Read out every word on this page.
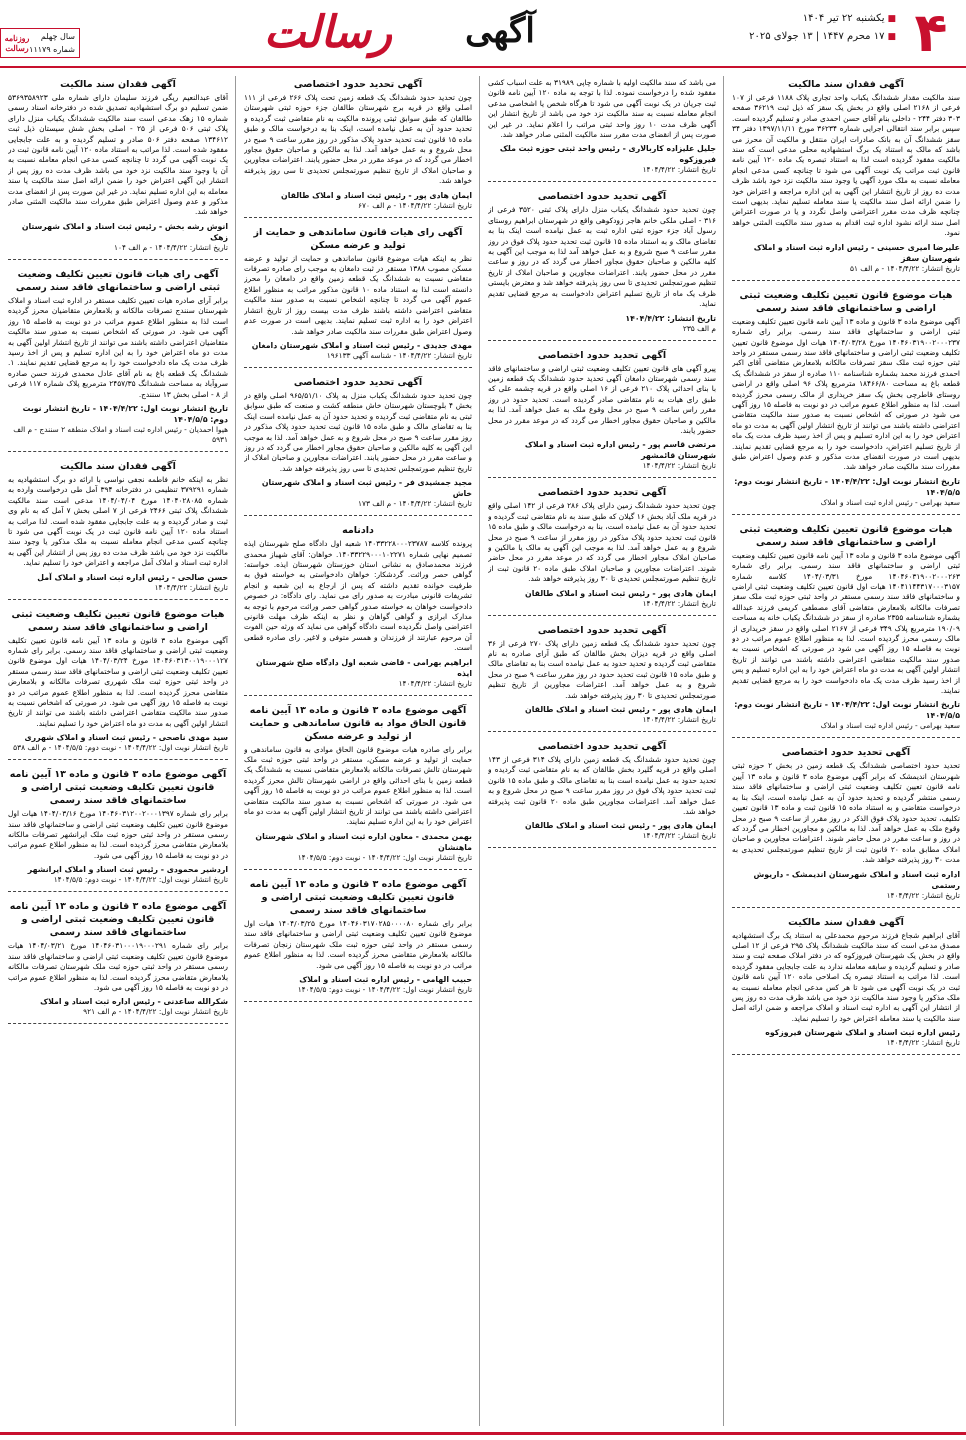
۴
■یکشنبه ۲۲ تیر ۱۴۰۴
■۱۷ محرم ۱۴۴۷ | ۱۳ جولای ۲۰۲۵
آگهی
رسالت
سال چهلم
شماره ۱۱۱۷۹
روزنامه رسالت
آگهی فقدان سند مالکیت
سند مالکیت مقدار ششدانگ یکباب واحد تجاری پلاک ۱۱۸۸ فرعی از ۱۰۷ فرعی از ۲۱۶۸ اصلی واقع در بخش یک سقز که ذیل ثبت ۳۶۲۱۹ صفحه ۳۰۳ دفتر ۲۴۴ ‑ داخلی بنام آقای حسن احمدی صادر و تسلیم گردیده است. سپس برابر سند انتقالی اجرایی شماره ۳۶۲۳۴ مورخ ۱۳۹۷/۱۱/۱۱ دفتر ۳۴ سقز ششدانگ آن به بانک صادرات ایران منتقل و مالکیت آن محرز می باشد که مالک به استناد یک برگ استشهادیه محلی مدعی است که سند مالکیت مفقود گردیده است لذا به استناد تبصره یک ماده ۱۲۰ آیین نامه قانون ثبت مراتب یک نوبت آگهی می شود تا چنانچه کسی مدعی انجام معامله نسبت به ملک مورد آگهی یا وجود سند مالکیت نزد خود باشد ظرف مدت ده روز از تاریخ انتشار این آگهی به این اداره مراجعه و اعتراض خود را ضمن ارائه اصل سند مالکیت یا سند معامله تسلیم نماید. بدیهی است چنانچه ظرف مدت مقرر اعتراضی واصل نگردد و یا در صورت اعتراض اصل سند ارائه نشود اداره ثبت اقدام به صدور سند مالکیت المثنی خواهد نمود.
علیرضا امیری حسینی - رئیس اداره ثبت اسناد و املاک شهرستان سقز
تاریخ انتشار: ۱۴۰۴/۴/۲۲ - م الف ۵۱
هیات موضوع قانون تعیین تکلیف وضعیت ثبتی اراضی و ساختمانهای فاقد سند رسمی
آگهی موضوع ماده ۳ قانون و ماده ۱۳ آیین نامه قانون تعیین تکلیف وضعیت ثبتی اراضی و ساختمانهای فاقد سند رسمی. برابر رای شماره ۱۴۰۴۶۰۳۱۹۰۰۲۰۰۰۲۳۷ مورخ ۱۴۰۴/۰۳/۲۸ هیات اول موضوع قانون تعیین تکلیف وضعیت ثبتی اراضی و ساختمانهای فاقد سند رسمی مستقر در واحد ثبتی حوزه ثبت ملک سقز تصرفات مالکانه بلامعارض متقاضی آقای اکبر احمدی فرزند محمد بشماره شناسنامه ۱۱۰ صادره از سقز در ششدانگ یک قطعه باغ به مساحت ۱۸۴۶۶/۸۰ مترمربع پلاک ۹۶ اصلی واقع در اراضی روستای قاطرچی بخش یک سقز خریداری از مالک رسمی محرز گردیده است. لذا به منظور اطلاع عموم مراتب در دو نوبت به فاصله ۱۵ روز آگهی می شود در صورتی که اشخاص نسبت به صدور سند مالکیت متقاضی اعتراضی داشته باشند می توانند از تاریخ انتشار اولین آگهی به مدت دو ماه اعتراض خود را به این اداره تسلیم و پس از اخذ رسید ظرف مدت یک ماه از تاریخ تسلیم اعتراض، دادخواست خود را به مرجع قضایی تقدیم نمایند. بدیهی است در صورت انقضای مدت مذکور و عدم وصول اعتراض طبق مقررات سند مالکیت صادر خواهد شد.
تاریخ انتشار نوبت اول: ۱۴۰۴/۴/۲۲ - تاریخ انتشار نوبت دوم: ۱۴۰۴/۵/۵
سعید بهرامی - رئیس اداره ثبت اسناد و املاک
هیات موضوع قانون تعیین تکلیف وضعیت ثبتی اراضی و ساختمانهای فاقد سند رسمی
آگهی موضوع ماده ۳ قانون و ماده ۱۳ آیین نامه قانون تعیین تکلیف وضعیت ثبتی اراضی و ساختمانهای فاقد سند رسمی. برابر رای شماره ۱۴۰۴۶۰۳۱۹۰۰۲۰۰۰۲۶۳ مورخ ۱۴۰۴/۰۳/۳۱ کلاسه شماره ۱۴۰۴۱۱۴۴۳۱۷۰۰۰۳۱۵۷ هیات اول قانون تعیین تکلیف وضعیت ثبتی اراضی و ساختمانهای فاقد سند رسمی مستقر در واحد ثبتی حوزه ثبت ملک سقز تصرفات مالکانه بلامعارض متقاضی آقای مصطفی کریمی فرزند عبدالله بشماره شناسنامه ۲۳۵۵ صادره از سقز در ششدانگ یکباب خانه به مساحت ۱۹۰/۰۹ مترمربع پلاک ۳۴۹ فرعی از ۲۱۶۷ اصلی واقع در سقز خریداری از مالک رسمی محرز گردیده است. لذا به منظور اطلاع عموم مراتب در دو نوبت به فاصله ۱۵ روز آگهی می شود در صورتی که اشخاص نسبت به صدور سند مالکیت متقاضی اعتراضی داشته باشند می توانند از تاریخ انتشار اولین آگهی به مدت دو ماه اعتراض خود را به این اداره تسلیم و پس از اخذ رسید ظرف مدت یک ماه دادخواست خود را به مرجع قضایی تقدیم نمایند.
تاریخ انتشار نوبت اول: ۱۴۰۴/۴/۲۲ - تاریخ انتشار نوبت دوم: ۱۴۰۴/۵/۵
سعید بهرامی - رئیس اداره ثبت اسناد و املاک
آگهی تحدید حدود اختصاصی
تحدید حدود اختصاصی ششدانگ یک قطعه زمین در بخش ۲ حوزه ثبتی شهرستان اندیمشک که برابر آگهی موضوع ماده ۳ قانون و ماده ۱۳ آیین نامه قانون تعیین تکلیف وضعیت ثبتی اراضی و ساختمانهای فاقد سند رسمی منتشر گردیده و تحدید حدود آن به عمل نیامده است، اینک بنا به درخواست متقاضی و به استناد ماده ۱۵ قانون ثبت و ماده ۱۳ قانون تعیین تکلیف، تحدید حدود پلاک فوق الذکر در روز مقرر از ساعت ۹ صبح در محل وقوع ملک به عمل خواهد آمد. لذا به مالکین و مجاورین اخطار می گردد که در روز و ساعت مقرر در محل حاضر شوند. اعتراضات مجاورین و صاحبان املاک مطابق ماده ۲۰ قانون ثبت از تاریخ تنظیم صورتمجلس تحدیدی به مدت ۳۰ روز پذیرفته خواهد شد.
اداره ثبت اسناد و املاک شهرستان اندیمشک - داریوش رستمی
تاریخ انتشار: ۱۴۰۴/۴/۲۲
آگهی فقدان سند مالکیت
آقای ابراهیم شجاع فرزند مرحوم محمدعلی به استناد یک برگ استشهادیه مصدق مدعی است که سند مالکیت ششدانگ پلاک ۲۹۵ فرعی از ۱۲ اصلی واقع در بخش یک شهرستان فیروزکوه که در دفتر املاک صفحه ثبت و سند صادر و تسلیم گردیده و سابقه معامله ندارد به علت جابجایی مفقود گردیده است. لذا مراتب به استناد تبصره یک اصلاحی ماده ۱۲۰ آیین نامه قانون ثبت در یک نوبت آگهی می شود تا هر کس مدعی انجام معامله نسبت به ملک مذکور یا وجود سند مالکیت نزد خود می باشد ظرف مدت ده روز پس از انتشار این آگهی به اداره ثبت اسناد و املاک مراجعه و ضمن ارائه اصل سند مالکیت یا سند معامله اعتراض خود را تسلیم نماید.
رئیس اداره ثبت اسناد و املاک شهرستان فیروزکوه
تاریخ انتشار: ۱۴۰۴/۴/۲۲
می باشد که سند مالکیت اولیه با شماره چاپی ۳۱۹۸۹ به علت اسباب کشی مفقود شده را درخواست نموده. لذا با توجه به ماده ۱۲۰ آیین نامه قانون ثبت جریان در یک نوبت آگهی می شود تا هرگاه شخص یا اشخاصی مدعی انجام معامله نسبت به سند مالکیت نزد خود می باشد از تاریخ انتشار این آگهی ظرف مدت ۱۰ روز واحد ثبتی مراتب را اعلام نماید. در غیر این صورت پس از انقضای مدت مقرر سند مالکیت المثنی صادر خواهد شد.
جلیل علیزاده کاربالاری - رئیس واحد ثبتی حوزه ثبت ملک فیروزکوه
تاریخ انتشار: ۱۴۰۴/۴/۲۲
آگهی تحدید حدود اختصاصی
چون تحدید حدود ششدانگ یکباب منزل دارای پلاک ثبتی ۳۵۲۰ فرعی از ۳۱۶ ‑ اصلی ملکی خانم هاجر زودکوهی واقع در شهرستان ابراهیم روستای رسول آباد جزء حوزه ثبتی اداره ثبت به عمل نیامده است اینک بنا به تقاضای مالک و به استناد ماده ۱۵ قانون ثبت تحدید حدود پلاک فوق در روز مقرر ساعت ۹ صبح شروع و به عمل خواهد آمد لذا به موجب این آگهی به کلیه مالکین و صاحبان حقوق مجاور اخطار می گردد که در روز و ساعت مقرر در محل حضور یابند. اعتراضات مجاورین و صاحبان املاک از تاریخ تنظیم صورتمجلس تحدیدی تا سی روز پذیرفته خواهد شد و معترض بایستی ظرف یک ماه از تاریخ تسلیم اعتراض دادخواست به مرجع قضایی تقدیم نماید.
تاریخ انتشار: ۱۴۰۴/۴/۲۲
م الف ۲۳۵
آگهی تحدید حدود اختصاصی
پیرو آگهی های قانون تعیین تکلیف وضعیت ثبتی اراضی و ساختمانهای فاقد سند رسمی شهرستان دامغان آگهی تحدید حدود ششدانگ یک قطعه زمین با بنای احداثی پلاک ۲۱۰ فرعی از ۱۶ اصلی واقع در قریه چشمه علی که طبق رای هیات به نام متقاضی صادر گردیده است. تحدید حدود در روز مقرر راس ساعت ۹ صبح در محل وقوع ملک به عمل خواهد آمد. لذا به مالکین و صاحبان حقوق مجاور اخطار می گردد که در موعد مقرر در محل حضور یابند.
مرتضی قاسم پور - رئیس اداره ثبت اسناد و املاک شهرستان قائمشهر
تاریخ انتشار: ۱۴۰۴/۴/۲۲
آگهی تحدید حدود اختصاصی
چون تحدید حدود ششدانگ زمین دارای پلاک ۲۸۶ فرعی از ۱۴۲ اصلی واقع در قریه ملک آباد بخش ۱۶ گیلان که طبق سند به نام متقاضی ثبت گردیده و تحدید حدود آن به عمل نیامده است، بنا به درخواست مالک و طبق ماده ۱۵ قانون ثبت تحدید حدود پلاک مذکور در روز مقرر از ساعت ۹ صبح در محل شروع و به عمل خواهد آمد. لذا به موجب این آگهی به مالک یا مالکین و صاحبان املاک مجاور اخطار می گردد که در موعد مقرر در محل حاضر شوند. اعتراضات مجاورین و صاحبان املاک طبق ماده ۲۰ قانون ثبت از تاریخ تنظیم صورتمجلس تحدیدی تا ۳۰ روز پذیرفته خواهد شد.
ایمان هادی پور - رئیس ثبت اسناد و املاک طالقان
تاریخ انتشار: ۱۴۰۴/۴/۲۲
آگهی تحدید حدود اختصاصی
چون تحدید حدود ششدانگ یک قطعه زمین دارای پلاک ۲۷۰ فرعی از ۳۶ اصلی واقع در قریه دیزان بخش طالقان که طبق آرای صادره به نام متقاضی ثبت گردیده و تحدید حدود به عمل نیامده است بنا به تقاضای مالک و طبق ماده ۱۵ قانون ثبت تحدید حدود در روز مقرر ساعت ۹ صبح در محل شروع و به عمل خواهد آمد. اعتراضات مجاورین از تاریخ تنظیم صورتمجلس تحدیدی تا ۳۰ روز پذیرفته خواهد شد.
ایمان هادی پور - رئیس ثبت اسناد و املاک طالقان
تاریخ انتشار: ۱۴۰۴/۴/۲۲
آگهی تحدید حدود اختصاصی
چون تحدید حدود ششدانگ یک قطعه زمین دارای پلاک ۳۱۴ فرعی از ۱۴۳ اصلی واقع در قریه گلیرد بخش طالقان که به نام متقاضی ثبت گردیده و تحدید حدود به عمل نیامده است بنا به تقاضای مالک و طبق ماده ۱۵ قانون ثبت تحدید حدود پلاک فوق در روز مقرر ساعت ۹ صبح در محل شروع و به عمل خواهد آمد. اعتراضات مجاورین طبق ماده ۲۰ قانون ثبت پذیرفته خواهد شد.
ایمان هادی پور - رئیس ثبت اسناد و املاک طالقان
تاریخ انتشار: ۱۴۰۴/۴/۲۲
آگهی تحدید حدود اختصاصی
چون تحدید حدود ششدانگ یک قطعه زمین تحت پلاک ۲۶۶ فرعی از ۱۱۱ اصلی واقع در قریه برج شهرستان طالقان جزء حوزه ثبتی شهرستان طالقان که طبق سوابق ثبتی پرونده مالکیت به نام متقاضی ثبت گردیده و تحدید حدود آن به عمل نیامده است، اینک بنا به درخواست مالک و طبق ماده ۱۵ قانون ثبت تحدید حدود پلاک مذکور در روز مقرر ساعت ۹ صبح در محل شروع و به عمل خواهد آمد. لذا به مالکین و صاحبان حقوق مجاور اخطار می گردد که در موعد مقرر در محل حضور یابند. اعتراضات مجاورین و صاحبان املاک از تاریخ تنظیم صورتمجلس تحدیدی تا سی روز پذیرفته خواهد شد.
ایمان هادی پور - رئیس ثبت اسناد و املاک طالقان
تاریخ انتشار: ۱۴۰۴/۴/۲۲ - م الف ۶۷۰
آگهی رای هیات قانون ساماندهی و حمایت از تولید و عرضه مسکن
نظر به اینکه هیات موضوع قانون ساماندهی و حمایت از تولید و عرضه مسکن مصوب ۱۳۸۸ مستقر در ثبت دامغان به موجب رای صادره تصرفات متقاضی نسبت به ششدانگ یک قطعه زمین واقع در دامغان را محرز دانسته است لذا به استناد ماده ۱۰ قانون مذکور مراتب به منظور اطلاع عموم آگهی می گردد تا چنانچه اشخاص نسبت به صدور سند مالکیت متقاضی اعتراضی داشته باشند ظرف مدت بیست روز از تاریخ انتشار اعتراض خود را به اداره ثبت تسلیم نمایند. بدیهی است در صورت عدم وصول اعتراض طبق مقررات سند مالکیت صادر خواهد شد.
مهدی جدیدی - رئیس ثبت اسناد و املاک شهرستان دامغان
تاریخ انتشار: ۱۴۰۴/۴/۲۲ - شناسه آگهی ۱۹۶۱۳۳
آگهی تحدید حدود اختصاصی
چون تحدید حدود ششدانگ یکباب منزل به پلاک ۹۶۵/۵۱/۱۰ اصلی واقع در بخش ۴ بلوچستان شهرستان خاش منطقه کشت و صنعت که طبق سوابق ثبتی به نام متقاضی ثبت گردیده و تحدید حدود آن به عمل نیامده است اینک بنا به تقاضای مالک و طبق ماده ۱۵ قانون ثبت تحدید حدود پلاک مذکور در روز مقرر ساعت ۹ صبح در محل شروع و به عمل خواهد آمد. لذا به موجب این آگهی به کلیه مالکین و صاحبان حقوق مجاور اخطار می گردد که در روز و ساعت مقرر در محل حضور یابند. اعتراضات مجاورین و صاحبان املاک از تاریخ تنظیم صورتمجلس تحدیدی تا سی روز پذیرفته خواهد شد.
مجید جمشیدی فر - رئیس ثبت اسناد و املاک شهرستان خاش
تاریخ انتشار: ۱۴۰۴/۴/۲۲ - م الف ۱۷۳
دادنامه
پرونده کلاسه ۱۴۰۳۳۲۲۸۰۰۰۲۳۷۸۷ شعبه اول دادگاه صلح شهرستان ایذه تصمیم نهایی شماره ۱۴۰۳۳۲۲۹۰۰۰۱۰۲۲۷۱. خواهان: آقای شهباز محمدی فرزند محمدصادق به نشانی استان خوزستان شهرستان ایذه. خواسته: گواهی حصر وراثت. گردشکار: خواهان دادخواستی به خواسته فوق به طرفیت خوانده تقدیم داشته که پس از ارجاع به این شعبه و انجام تشریفات قانونی مبادرت به صدور رای می نماید. رای دادگاه: در خصوص دادخواست خواهان به خواسته صدور گواهی حصر وراثت مرحوم با توجه به مدارک ابرازی و گواهی گواهان و نظر به اینکه ظرف مهلت قانونی اعتراضی واصل نگردیده است دادگاه گواهی می نماید که ورثه حین الفوت آن مرحوم عبارتند از فرزندان و همسر متوفی و لاغیر. رای صادره قطعی است.
ابراهیم بهرامی - قاضی شعبه اول دادگاه صلح شهرستان ایذه
تاریخ انتشار: ۱۴۰۴/۴/۲۲
آگهی موضوع ماده ۳ قانون و ماده ۱۳ آیین نامه قانون الحاق مواد به قانون ساماندهی و حمایت از تولید و عرضه مسکن
برابر رای صادره هیات موضوع قانون الحاق موادی به قانون ساماندهی و حمایت از تولید و عرضه مسکن، مستقر در واحد ثبتی حوزه ثبت ملک شهرستان تالش تصرفات مالکانه بلامعارض متقاضی نسبت به ششدانگ یک قطعه زمین با بنای احداثی واقع در اراضی شهرستان تالش محرز گردیده است. لذا به منظور اطلاع عموم مراتب در دو نوبت به فاصله ۱۵ روز آگهی می شود. در صورتی که اشخاص نسبت به صدور سند مالکیت متقاضی اعتراضی داشته باشند می توانند از تاریخ انتشار اولین آگهی به مدت دو ماه اعتراض خود را به این اداره تسلیم نمایند.
بهمن محمدی - معاون اداره ثبت اسناد و املاک شهرستان ماهنشان
تاریخ انتشار نوبت اول: ۱۴۰۴/۴/۲۲ - نوبت دوم: ۱۴۰۴/۵/۵
آگهی موضوع ماده ۳ قانون و ماده ۱۳ آیین نامه قانون تعیین تکلیف وضعیت ثبتی اراضی و ساختمانهای فاقد سند رسمی
برابر رای شماره ۱۴۰۴۶۰۳۱۷۰۲۸۵۰۰۰۰۸۰ مورخ ۱۴۰۴/۰۳/۲۵ هیات اول موضوع قانون تعیین تکلیف وضعیت ثبتی اراضی و ساختمانهای فاقد سند رسمی مستقر در واحد ثبتی حوزه ثبت ملک شهرستان زنجان تصرفات مالکانه بلامعارض متقاضی محرز گردیده است. لذا به منظور اطلاع عموم مراتب در دو نوبت به فاصله ۱۵ روز آگهی می شود.
حبیب الهامی - رئیس اداره ثبت اسناد و املاک
تاریخ انتشار نوبت اول: ۱۴۰۴/۴/۲۲ - نوبت دوم: ۱۴۰۴/۵/۵
آگهی فقدان سند مالکیت
آقای عبدالنعیم ریگی فرزند سلیمان دارای شماره ملی ۵۳۶۹۳۵۸۹۲۳ ضمن تسلیم دو برگ استشهادیه تصدیق شده در دفترخانه اسناد رسمی شماره ۱۵ زهک مدعی است سند مالکیت ششدانگ یکباب منزل دارای پلاک ثبتی ۵۰۶ فرعی از ۲۵ ‑ اصلی بخش شش سیستان ذیل ثبت ۱۳۴۶۱۲ صفحه دفتر ۵۰۶ صادر و تسلیم گردیده و به علت جابجایی مفقود شده است. لذا مراتب به استناد ماده ۱۲۰ آیین نامه قانون ثبت در یک نوبت آگهی می گردد تا چنانچه کسی مدعی انجام معامله نسبت به آن یا وجود سند مالکیت نزد خود می باشد ظرف مدت ده روز پس از انتشار این آگهی اعتراض خود را ضمن ارائه اصل سند مالکیت یا سند معامله به این اداره تسلیم نماید. در غیر این صورت پس از انقضای مدت مذکور و عدم وصول اعتراض طبق مقررات سند مالکیت المثنی صادر خواهد شد.
انوش رشه بخش - رئیس ثبت اسناد و املاک شهرستان زهک
تاریخ انتشار: ۱۴۰۴/۴/۲۲ - م الف ۱۰۴
آگهی رای هیات قانون تعیین تکلیف وضعیت ثبتی اراضی و ساختمانهای فاقد سند رسمی
برابر آرای صادره هیات تعیین تکلیف مستقر در اداره ثبت اسناد و املاک شهرستان سنندج تصرفات مالکانه و بلامعارض متقاضیان محرز گردیده است لذا به منظور اطلاع عموم مراتب در دو نوبت به فاصله ۱۵ روز آگهی می شود. در صورتی که اشخاص نسبت به صدور سند مالکیت متقاضیان اعتراضی داشته باشند می توانند از تاریخ انتشار اولین آگهی به مدت دو ماه اعتراض خود را به این اداره تسلیم و پس از اخذ رسید ظرف مدت یک ماه دادخواست خود را به مرجع قضایی تقدیم نمایند. ۱. ششدانگ یک قطعه باغ به نام آقای عادل محمدی فرزند حسن صادره سروآباد به مساحت ششدانگ ۲۴۵۷/۳۵ مترمربع پلاک شماره ۱۱۷ فرعی از ۸ ‑ اصلی بخش ۱۳ سنندج.
تاریخ انتشار نوبت اول: ۱۴۰۴/۴/۲۲ - تاریخ انتشار نوبت دوم: ۱۴۰۴/۵/۵
هیوا احمدیان - رئیس اداره ثبت اسناد و املاک منطقه ۲ سنندج - م الف ۵۹۳۱
آگهی فقدان سند مالکیت
نظر به اینکه خانم فاطمه نجفی نواسی با ارائه دو برگ استشهادیه به شماره ۳۷۹۲۹۱ تنظیمی در دفترخانه ۳۹۴ آمل طی درخواست وارده به شماره ۱۴۰۴۰۲۸۰۸۵ مورخ ۱۴۰۴/۰۴/۰۴ مدعی است سند مالکیت ششدانگ پلاک ثبتی ۲۴۶۶ فرعی از ۷ اصلی بخش ۷ آمل که به نام وی ثبت و صادر گردیده و به علت جابجایی مفقود شده است. لذا مراتب به استناد ماده ۱۲۰ آیین نامه قانون ثبت در یک نوبت آگهی می شود تا چنانچه کسی مدعی انجام معامله نسبت به ملک مذکور یا وجود سند مالکیت نزد خود می باشد ظرف مدت ده روز پس از انتشار این آگهی به اداره ثبت اسناد و املاک آمل مراجعه و اعتراض خود را تسلیم نماید.
حسن صالحی - رئیس اداره ثبت اسناد و املاک آمل
تاریخ انتشار: ۱۴۰۴/۴/۲۲
هیات موضوع قانون تعیین تکلیف وضعیت ثبتی اراضی و ساختمانهای فاقد سند رسمی
آگهی موضوع ماده ۳ قانون و ماده ۱۳ آیین نامه قانون تعیین تکلیف وضعیت ثبتی اراضی و ساختمانهای فاقد سند رسمی. برابر رای شماره ۱۴۰۴۶۰۳۱۳۰۰۱۹۰۰۰۱۲۷ مورخ ۱۴۰۴/۰۳/۲۴ هیات اول موضوع قانون تعیین تکلیف وضعیت ثبتی اراضی و ساختمانهای فاقد سند رسمی مستقر در واحد ثبتی حوزه ثبت ملک شهرری تصرفات مالکانه و بلامعارض متقاضی محرز گردیده است. لذا به منظور اطلاع عموم مراتب در دو نوبت به فاصله ۱۵ روز آگهی می شود. در صورتی که اشخاص نسبت به صدور سند مالکیت متقاضی اعتراضی داشته باشند می توانند از تاریخ انتشار اولین آگهی به مدت دو ماه اعتراض خود را تسلیم نمایند.
سید مهدی ناصحی - رئیس ثبت اسناد و املاک شهرری
تاریخ انتشار نوبت اول: ۱۴۰۴/۴/۲۲ - نوبت دوم: ۱۴۰۴/۵/۵ - م الف ۵۳۸
آگهی موضوع ماده ۳ قانون و ماده ۱۳ آیین نامه قانون تعیین تکلیف وضعیت ثبتی اراضی و ساختمانهای فاقد سند رسمی
برابر رای شماره ۱۴۰۴۶۰۳۱۲۰۰۲۰۰۰۱۳۹۷ مورخ ۱۴۰۴/۰۳/۱۶ هیات اول موضوع قانون تعیین تکلیف وضعیت ثبتی اراضی و ساختمانهای فاقد سند رسمی مستقر در واحد ثبتی حوزه ثبت ملک ایرانشهر تصرفات مالکانه بلامعارض متقاضی محرز گردیده است. لذا به منظور اطلاع عموم مراتب در دو نوبت به فاصله ۱۵ روز آگهی می شود.
اردشیر محمودی - رئیس ثبت اسناد و املاک ایرانشهر
تاریخ انتشار نوبت اول: ۱۴۰۴/۴/۲۲ - نوبت دوم: ۱۴۰۴/۵/۵
آگهی موضوع ماده ۳ قانون و ماده ۱۳ آیین نامه قانون تعیین تکلیف وضعیت ثبتی اراضی و ساختمانهای فاقد سند رسمی
برابر رای شماره ۱۴۰۴۶۰۳۱۰۰۰۱۹۰۰۰۲۹۱ مورخ ۱۴۰۴/۰۳/۲۱ هیات موضوع قانون تعیین تکلیف وضعیت ثبتی اراضی و ساختمانهای فاقد سند رسمی مستقر در واحد ثبتی حوزه ثبت ملک شهرستان تصرفات مالکانه بلامعارض متقاضی محرز گردیده است. لذا به منظور اطلاع عموم مراتب در دو نوبت به فاصله ۱۵ روز آگهی می شود.
شکرالله ساعدنی - رئیس اداره ثبت اسناد و املاک
تاریخ انتشار نوبت اول: ۱۴۰۴/۴/۲۲ - م الف ۹۲۱
